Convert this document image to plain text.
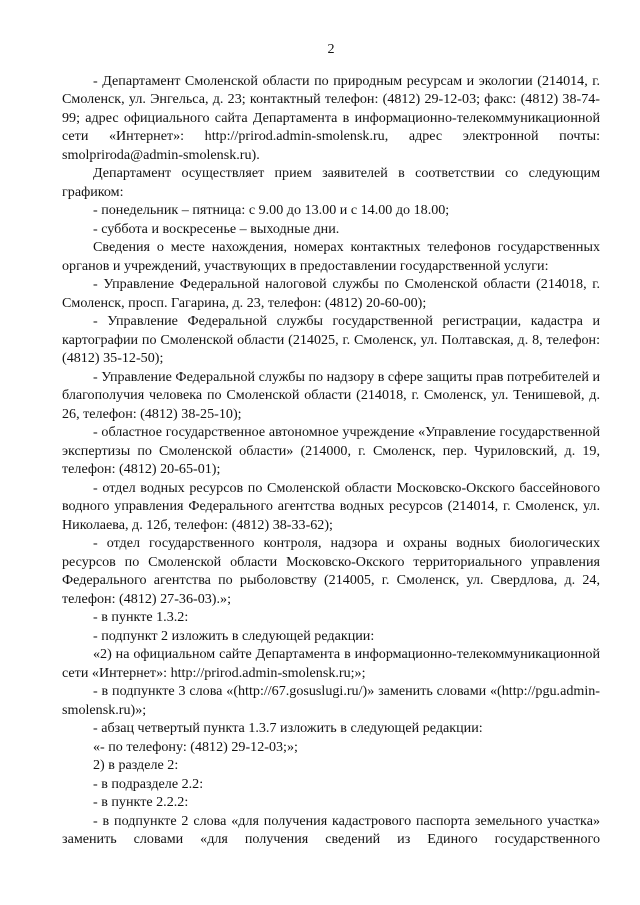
2

- Департамент Смоленской области по природным ресурсам и экологии (214014, г. Смоленск, ул. Энгельса, д. 23; контактный телефон: (4812) 29-12-03; факс: (4812) 38-74-99; адрес официального сайта Департамента в информационно-телекоммуникационной сети «Интернет»: http://prirod.admin-smolensk.ru, адрес электронной почты: smolpriroda@admin-smolensk.ru).

Департамент осуществляет прием заявителей в соответствии со следующим графиком:

- понедельник – пятница: с 9.00 до 13.00 и с 14.00 до 18.00;

- суббота и воскресенье – выходные дни.

Сведения о месте нахождения, номерах контактных телефонов государственных органов и учреждений, участвующих в предоставлении государственной услуги:

- Управление Федеральной налоговой службы по Смоленской области (214018, г. Смоленск, просп. Гагарина, д. 23, телефон: (4812) 20-60-00);

- Управление Федеральной службы государственной регистрации, кадастра и картографии по Смоленской области (214025, г. Смоленск, ул. Полтавская, д. 8, телефон: (4812) 35-12-50);

- Управление Федеральной службы по надзору в сфере защиты прав потребителей и благополучия человека по Смоленской области (214018, г. Смоленск, ул. Тенишевой, д. 26, телефон: (4812) 38-25-10);

- областное государственное автономное учреждение «Управление государственной экспертизы по Смоленской области» (214000, г. Смоленск, пер. Чуриловский, д. 19, телефон: (4812) 20-65-01);

- отдел водных ресурсов по Смоленской области Московско-Окского бассейнового водного управления Федерального агентства водных ресурсов (214014, г. Смоленск, ул. Николаева, д. 12б, телефон: (4812) 38-33-62);

- отдел государственного контроля, надзора и охраны водных биологических ресурсов по Смоленской области Московско-Окского территориального управления Федерального агентства по рыболовству (214005, г. Смоленск, ул. Свердлова, д. 24, телефон: (4812) 27-36-03).»;

- в пункте 1.3.2:

- подпункт 2 изложить в следующей редакции:

«2) на официальном сайте Департамента в информационно-телекоммуникационной сети «Интернет»: http://prirod.admin-smolensk.ru;»;

- в подпункте 3 слова «(http://67.gosuslugi.ru/)» заменить словами «(http://pgu.admin-smolensk.ru)»;

- абзац четвертый пункта 1.3.7 изложить в следующей редакции:

«- по телефону: (4812) 29-12-03;»;

2) в разделе 2:

- в подразделе 2.2:

- в пункте 2.2.2:

- в подпункте 2 слова «для получения кадастрового паспорта земельного участка» заменить словами «для получения сведений из Единого государственного
